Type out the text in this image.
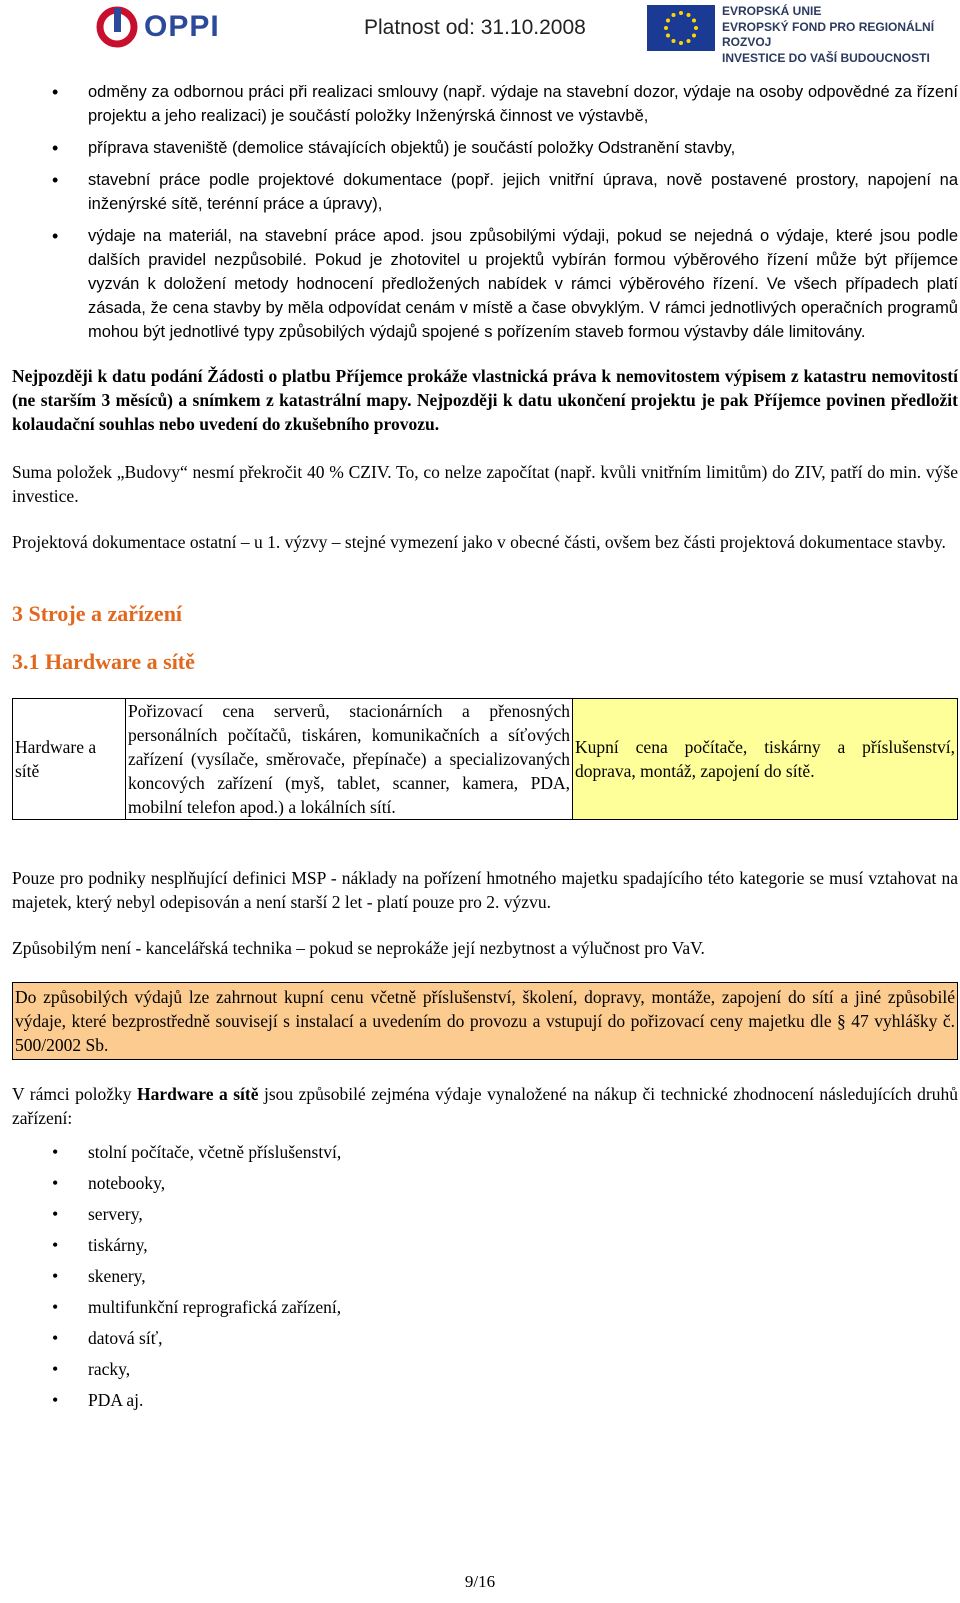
OPPI	Platnost od: 31.10.2008
EVROPSKÁ UNIE
EVROPSKÝ FOND PRO REGIONÁLNÍ ROZVOJ
INVESTICE DO VAŠÍ BUDOUCNOSTI
• odměny za odbornou práci při realizaci smlouvy (např. výdaje na stavební dozor, výdaje na osoby odpovědné za řízení projektu a jeho realizaci) je součástí položky Inženýrská činnost ve výstavbě,
• příprava staveniště (demolice stávajících objektů) je součástí položky Odstranění stavby,
• stavební práce podle projektové dokumentace (popř. jejich vnitřní úprava, nově postavené prostory, napojení na inženýrské sítě, terénní práce a úpravy),
• výdaje na materiál, na stavební práce apod. jsou způsobilými výdaji, pokud se nejedná o výdaje, které jsou podle dalších pravidel nezpůsobilé. Pokud je zhotovitel u projektů vybírán formou výběrového řízení může být příjemce vyzván k doložení metody hodnocení předložených nabídek v rámci výběrového řízení. Ve všech případech platí zásada, že cena stavby by měla odpovídat cenám v místě a čase obvyklým. V rámci jednotlivých operačních programů mohou být jednotlivé typy způsobilých výdajů spojené s pořízením staveb formou výstavby dále limitovány.

Nejpozději k datu podání Žádosti o platbu Příjemce prokáže vlastnická práva k nemovitostem výpisem z katastru nemovitostí (ne starším 3 měsíců) a snímkem z katastrální mapy. Nejpozději k datu ukončení projektu je pak Příjemce povinen předložit kolaudační souhlas nebo uvedení do zkušebního provozu.

Suma položek „Budovy“ nesmí překročit 40 % CZIV. To, co nelze započítat (např. kvůli vnitřním limitům) do ZIV, patří do min. výše investice.

Projektová dokumentace ostatní – u 1. výzvy – stejné vymezení jako v obecné části, ovšem bez části projektová dokumentace stavby.

3 Stroje a zařízení
3.1 Hardware a sítě
Hardware a sítě	Pořizovací cena serverů, stacionárních a přenosných personálních počítačů, tiskáren, komunikačních a síťových zařízení (vysílače, směrovače, přepínače) a specializovaných koncových zařízení (myš, tablet, scanner, kamera, PDA, mobilní telefon apod.) a lokálních sítí.	Kupní cena počítače, tiskárny a příslušenství, doprava, montáž, zapojení do sítě.

Pouze pro podniky nesplňující definici MSP - náklady na pořízení hmotného majetku spadajícího této kategorie se musí vztahovat na majetek, který nebyl odepisován a není starší 2 let - platí pouze pro 2. výzvu.

Způsobilým není - kancelářská technika – pokud se neprokáže její nezbytnost a výlučnost pro VaV.

Do způsobilých výdajů lze zahrnout kupní cenu včetně příslušenství, školení, dopravy, montáže, zapojení do sítí a jiné způsobilé výdaje, které bezprostředně souvisejí s instalací a uvedením do provozu a vstupují do pořizovací ceny majetku dle § 47 vyhlášky č. 500/2002 Sb.

V rámci položky Hardware a sítě jsou způsobilé zejména výdaje vynaložené na nákup či technické zhodnocení následujících druhů zařízení:

• stolní počítače, včetně příslušenství,
• notebooky,
• servery,
• tiskárny,
• skenery,
• multifunkční reprografická zařízení,
• datová síť,
• racky,
• PDA aj.
9/16
